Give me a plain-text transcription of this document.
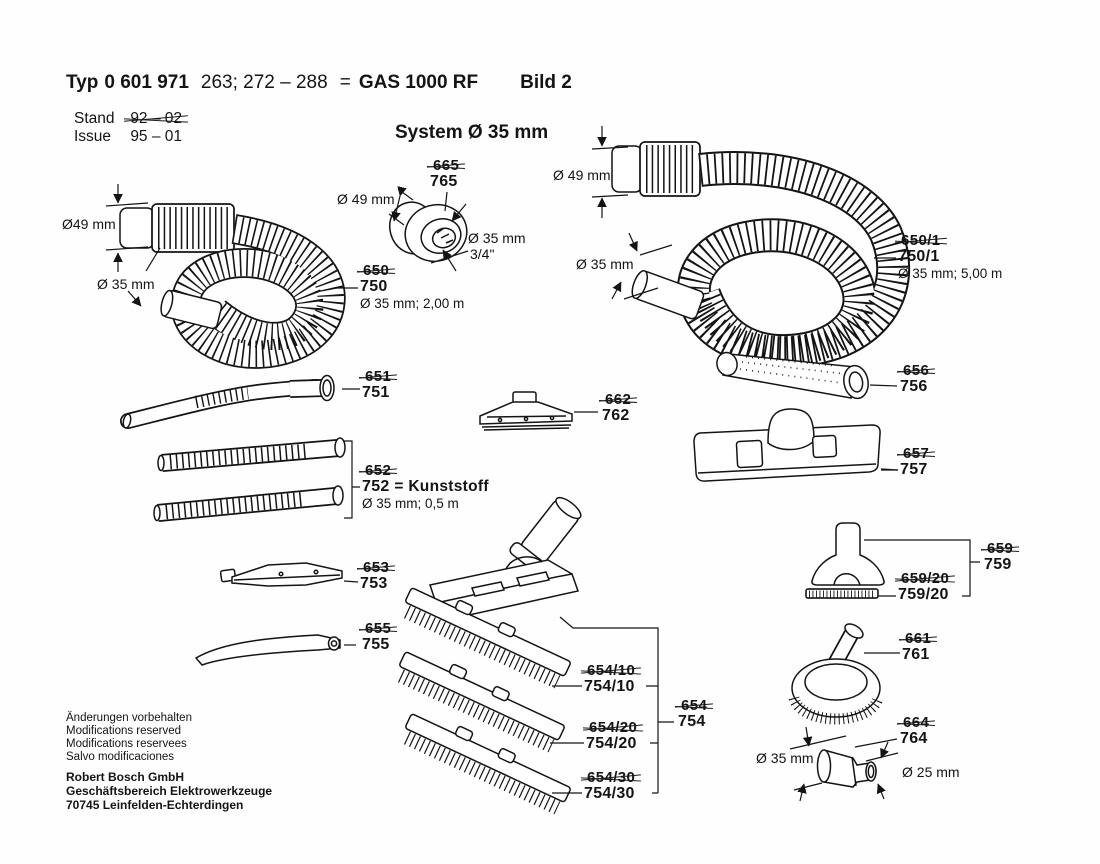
Typ 0 601 971 263; 272 – 288 = GAS 1000 RF Bild 2
Stand 92 – 02
Issue 95 – 01	System Ø 35 mm
665
765
650
750
Ø 35 mm; 2,00 m
650/1
750/1
Ø 35 mm; 5,00 m
651
751	662
762
656
756
657
757
652
752 = Kunststoff
Ø 35 mm; 0,5 m
653
753
655
755
654/10
754/10
654/20
754/20
654/30
754/30
654
754
659
759
659/20
759/20
661
761
664
764
Ø49 mm
Ø 35 mm
Ø 49 mm
Ø 35 mm
3/4"
Ø 49 mm
Ø 35 mm
Ø 35 mm
Ø 25 mm
Änderungen vorbehalten
Modifications reserved
Modifications reservees
Salvo modificaciones
Robert Bosch GmbH
Geschäftsbereich Elektrowerkzeuge
70745 Leinfelden-Echterdingen
